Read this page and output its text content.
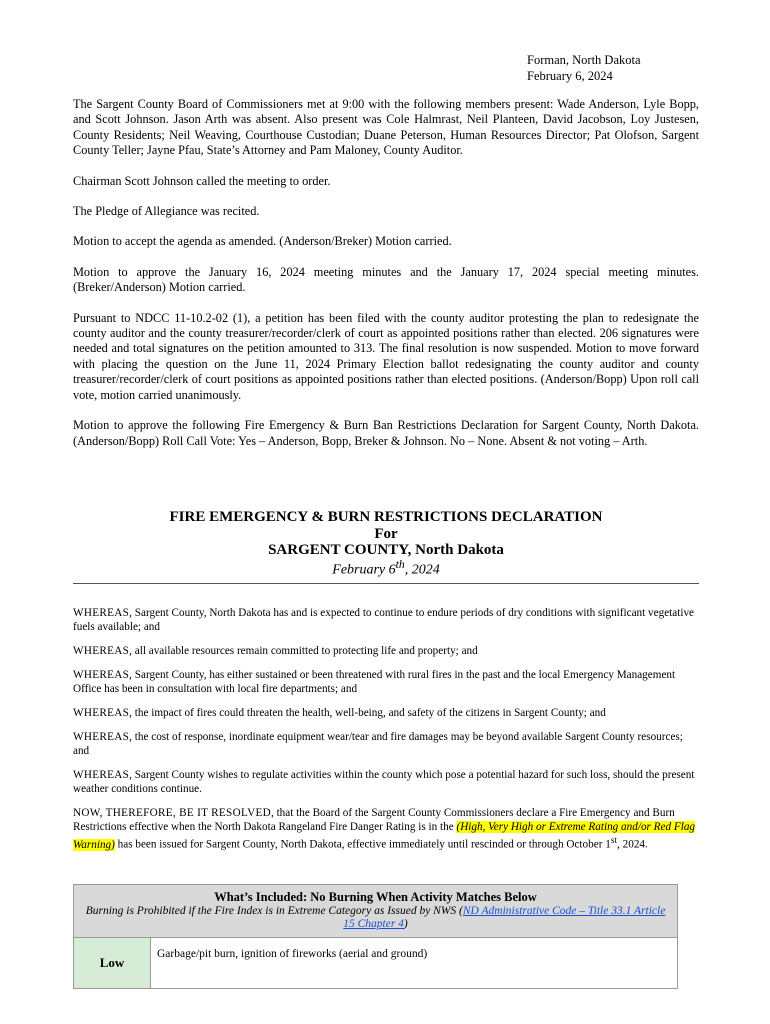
Forman, North Dakota
February 6, 2024

The Sargent County Board of Commissioners met at 9:00 with the following members present: Wade Anderson, Lyle Bopp, and Scott Johnson. Jason Arth was absent. Also present was Cole Halmrast, Neil Planteen, David Jacobson, Loy Justesen, County Residents; Neil Weaving, Courthouse Custodian; Duane Peterson, Human Resources Director; Pat Olofson, Sargent County Teller; Jayne Pfau, State’s Attorney and Pam Maloney, County Auditor.

Chairman Scott Johnson called the meeting to order.

The Pledge of Allegiance was recited.

Motion to accept the agenda as amended. (Anderson/Breker) Motion carried.

Motion to approve the January 16, 2024 meeting minutes and the January 17, 2024 special meeting minutes. (Breker/Anderson) Motion carried.

Pursuant to NDCC 11-10.2-02 (1), a petition has been filed with the county auditor protesting the plan to redesignate the county auditor and the county treasurer/recorder/clerk of court as appointed positions rather than elected. 206 signatures were needed and total signatures on the petition amounted to 313. The final resolution is now suspended. Motion to move forward with placing the question on the June 11, 2024 Primary Election ballot redesignating the county auditor and county treasurer/recorder/clerk of court positions as appointed positions rather than elected positions. (Anderson/Bopp) Upon roll call vote, motion carried unanimously.

Motion to approve the following Fire Emergency & Burn Ban Restrictions Declaration for Sargent County, North Dakota. (Anderson/Bopp) Roll Call Vote: Yes – Anderson, Bopp, Breker & Johnson. No – None. Absent & not voting – Arth.

FIRE EMERGENCY & BURN RESTRICTIONS DECLARATION
For
SARGENT COUNTY, North Dakota
February 6th, 2024

WHEREAS, Sargent County, North Dakota has and is expected to continue to endure periods of dry conditions with significant vegetative fuels available; and

WHEREAS, all available resources remain committed to protecting life and property; and

WHEREAS, Sargent County, has either sustained or been threatened with rural fires in the past and the local Emergency Management Office has been in consultation with local fire departments; and

WHEREAS, the impact of fires could threaten the health, well-being, and safety of the citizens in Sargent County; and

WHEREAS, the cost of response, inordinate equipment wear/tear and fire damages may be beyond available Sargent County resources; and

WHEREAS, Sargent County wishes to regulate activities within the county which pose a potential hazard for such loss, should the present weather conditions continue.

NOW, THEREFORE, BE IT RESOLVED, that the Board of the Sargent County Commissioners declare a Fire Emergency and Burn Restrictions effective when the North Dakota Rangeland Fire Danger Rating is in the (High, Very High or Extreme Rating and/or Red Flag Warning) has been issued for Sargent County, North Dakota, effective immediately until rescinded or through October 1st, 2024.

What’s Included: No Burning When Activity Matches Below
Burning is Prohibited if the Fire Index is in Extreme Category as Issued by NWS (ND Administrative Code – Title 33.1 Article 15 Chapter 4)

Low	Garbage/pit burn, ignition of fireworks (aerial and ground)
